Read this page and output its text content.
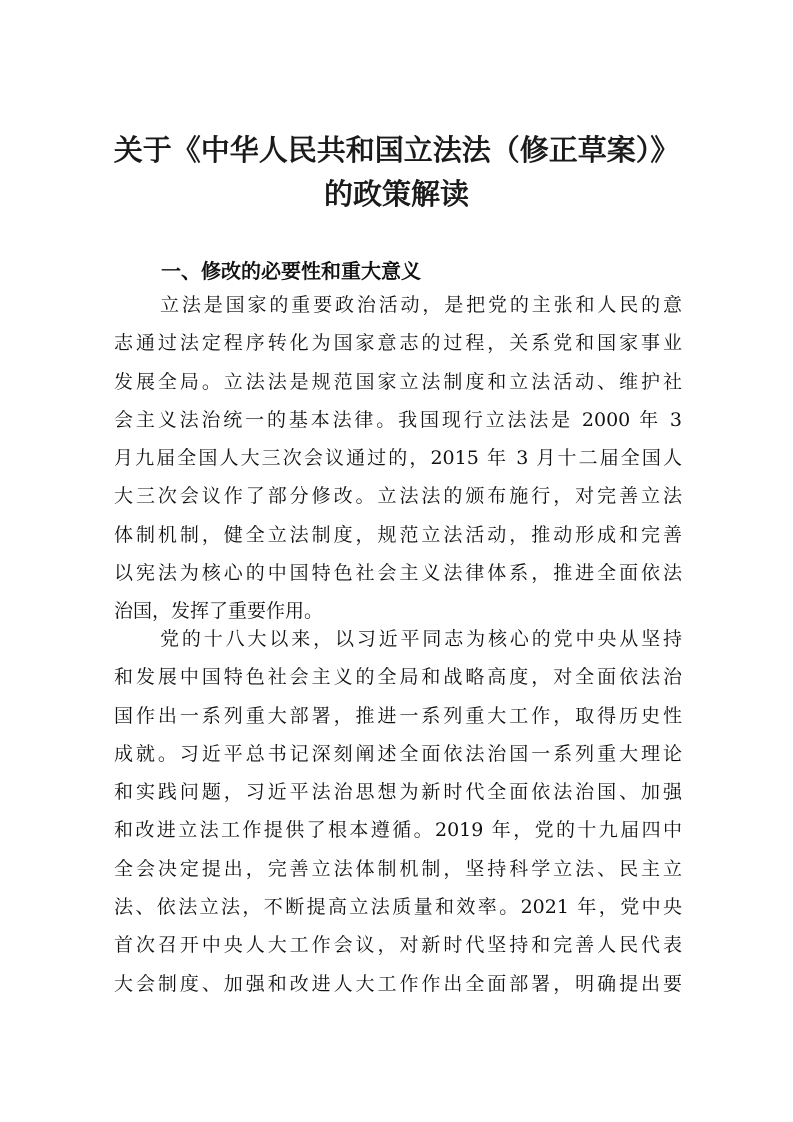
关于《中华人民共和国立法法（修正草案）》
的政策解读
一、修改的必要性和重大意义
立法是国家的重要政治活动，是把党的主张和人民的意
志通过法定程序转化为国家意志的过程，关系党和国家事业
发展全局。立法法是规范国家立法制度和立法活动、维护社
会主义法治统一的基本法律。我国现行立法法是 2000 年 3
月九届全国人大三次会议通过的，2015 年 3 月十二届全国人
大三次会议作了部分修改。立法法的颁布施行，对完善立法
体制机制，健全立法制度，规范立法活动，推动形成和完善
以宪法为核心的中国特色社会主义法律体系，推进全面依法
治国，发挥了重要作用。
党的十八大以来，以习近平同志为核心的党中央从坚持
和发展中国特色社会主义的全局和战略高度，对全面依法治
国作出一系列重大部署，推进一系列重大工作，取得历史性
成就。习近平总书记深刻阐述全面依法治国一系列重大理论
和实践问题，习近平法治思想为新时代全面依法治国、加强
和改进立法工作提供了根本遵循。2019 年，党的十九届四中
全会决定提出，完善立法体制机制，坚持科学立法、民主立
法、依法立法，不断提高立法质量和效率。2021 年，党中央
首次召开中央人大工作会议，对新时代坚持和完善人民代表
大会制度、加强和改进人大工作作出全面部署，明确提出要
